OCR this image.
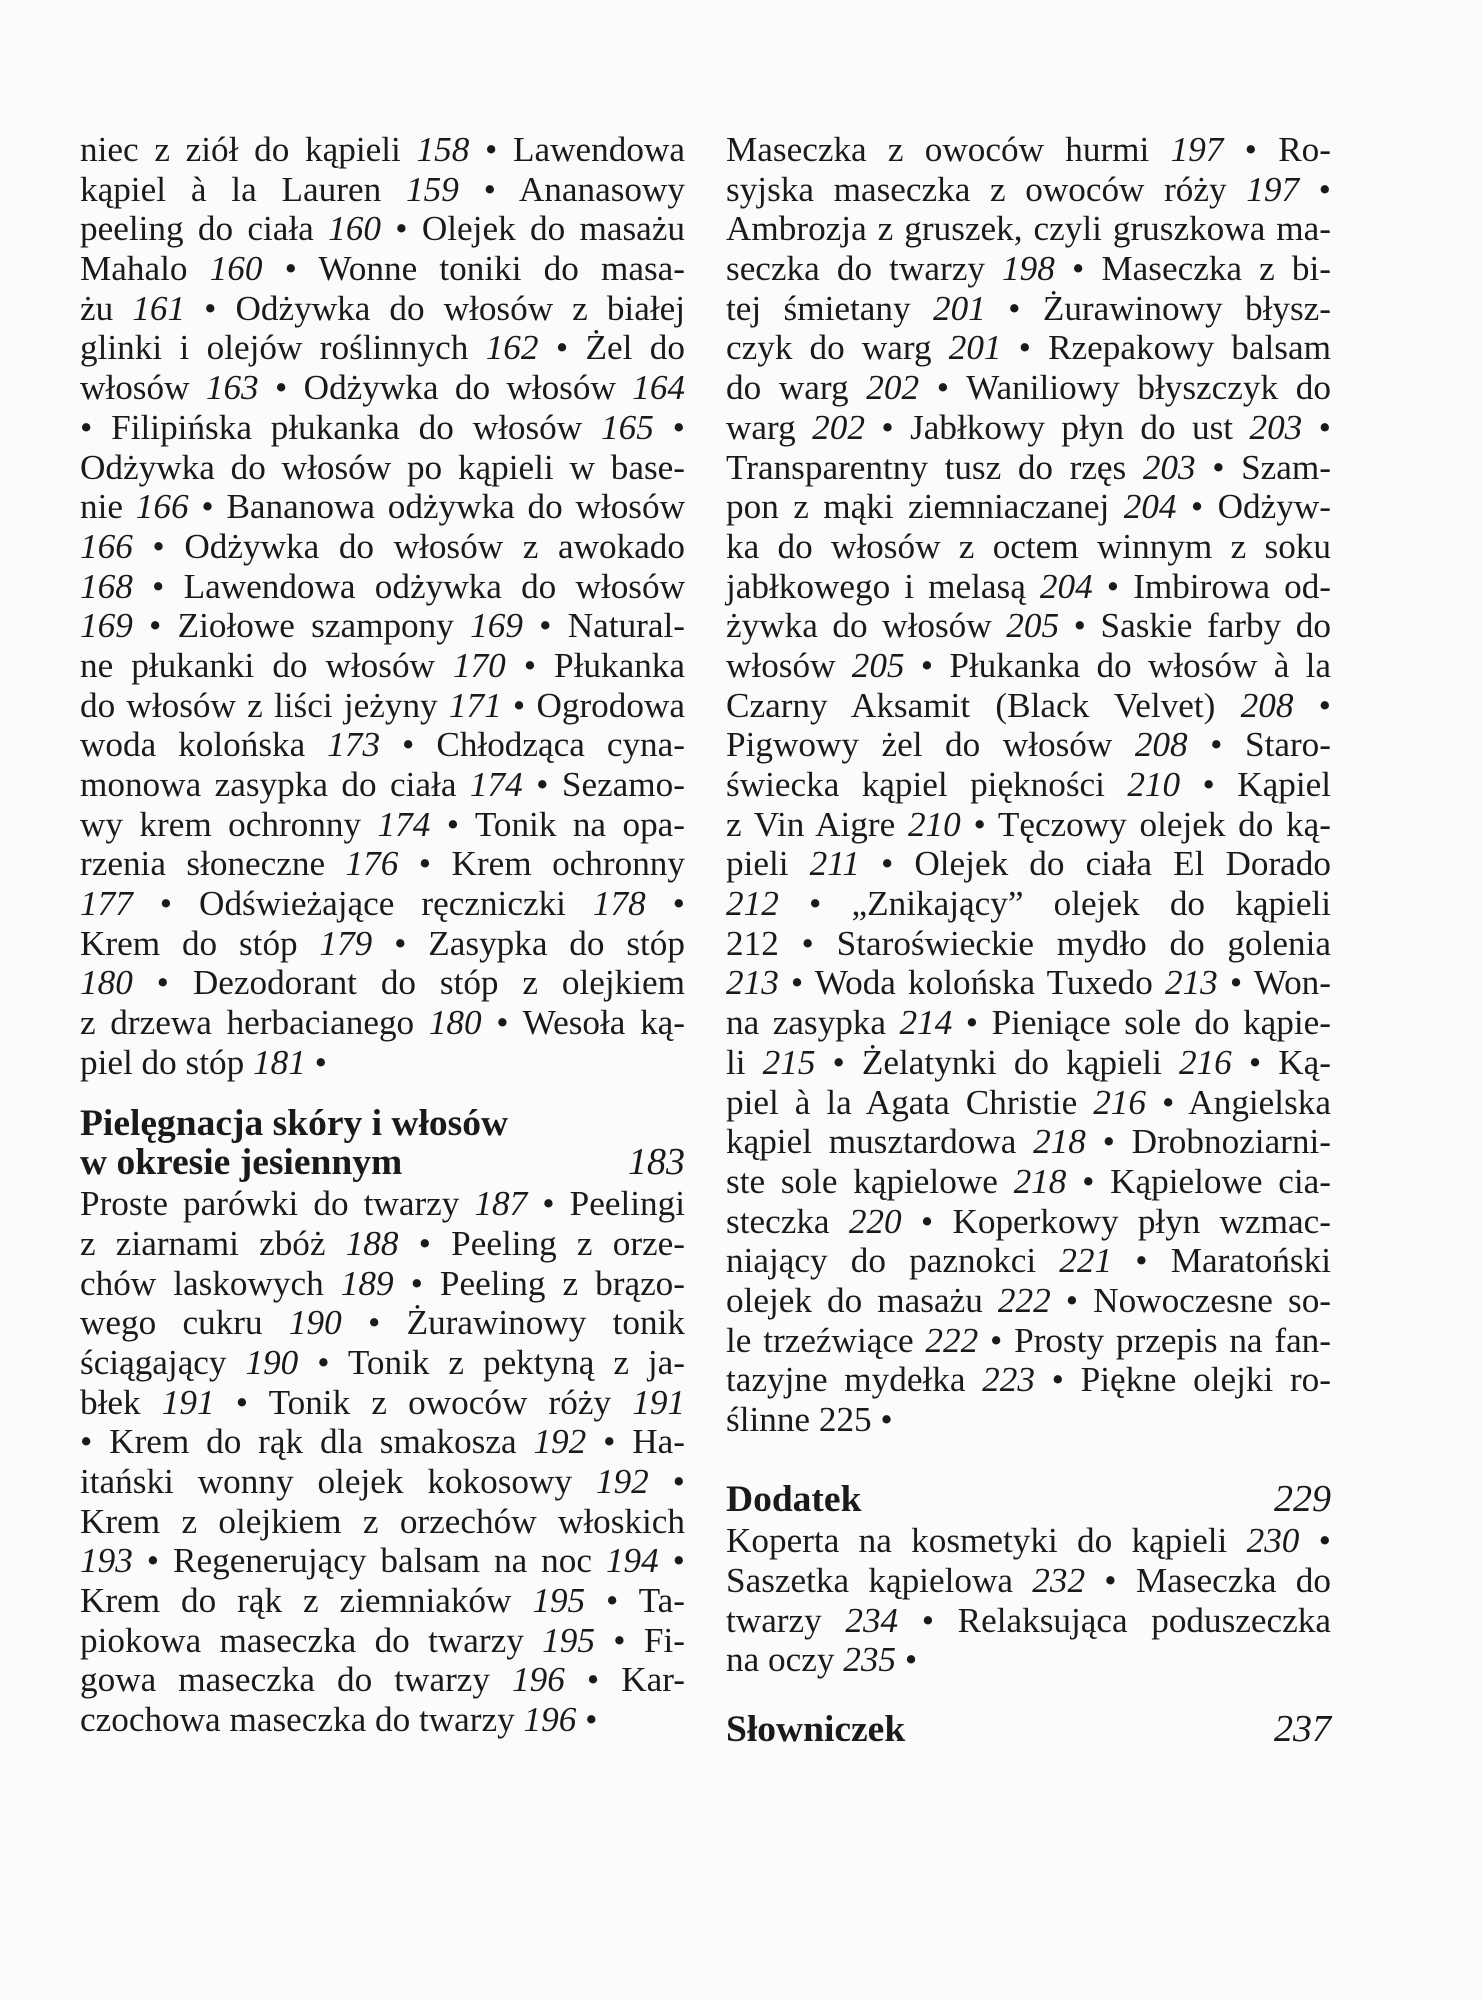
niec z ziół do kąpieli 158 • Lawendowa
kąpiel à la Lauren 159 • Ananasowy
peeling do ciała 160 • Olejek do masażu
Mahalo 160 • Wonne toniki do masa-
żu 161 • Odżywka do włosów z białej
glinki i olejów roślinnych 162 • Żel do
włosów 163 • Odżywka do włosów 164
• Filipińska płukanka do włosów 165 •
Odżywka do włosów po kąpieli w base-
nie 166 • Bananowa odżywka do włosów
166 • Odżywka do włosów z awokado
168 • Lawendowa odżywka do włosów
169 • Ziołowe szampony 169 • Natural-
ne płukanki do włosów 170 • Płukanka
do włosów z liści jeżyny 171 • Ogrodowa
woda kolońska 173 • Chłodząca cyna-
monowa zasypka do ciała 174 • Sezamo-
wy krem ochronny 174 • Tonik na opa-
rzenia słoneczne 176 • Krem ochronny
177 • Odświeżające ręczniczki 178 •
Krem do stóp 179 • Zasypka do stóp
180 • Dezodorant do stóp z olejkiem
z drzewa herbacianego 180 • Wesoła ką-
piel do stóp 181 •
Pielęgnacja skóry i włosów
w okresie jesiennym	183
Proste parówki do twarzy 187 • Peelingi
z ziarnami zbóż 188 • Peeling z orze-
chów laskowych 189 • Peeling z brązo-
wego cukru 190 • Żurawinowy tonik
ściągający 190 • Tonik z pektyną z ja-
błek 191 • Tonik z owoców róży 191
• Krem do rąk dla smakosza 192 • Ha-
itański wonny olejek kokosowy 192 •
Krem z olejkiem z orzechów włoskich
193 • Regenerujący balsam na noc 194 •
Krem do rąk z ziemniaków 195 • Ta-
piokowa maseczka do twarzy 195 • Fi-
gowa maseczka do twarzy 196 • Kar-
czochowa maseczka do twarzy 196 •
Maseczka z owoców hurmi 197 • Ro-
syjska maseczka z owoców róży 197 •
Ambrozja z gruszek, czyli gruszkowa ma-
seczka do twarzy 198 • Maseczka z bi-
tej śmietany 201 • Żurawinowy błysz-
czyk do warg 201 • Rzepakowy balsam
do warg 202 • Waniliowy błyszczyk do
warg 202 • Jabłkowy płyn do ust 203 •
Transparentny tusz do rzęs 203 • Szam-
pon z mąki ziemniaczanej 204 • Odżyw-
ka do włosów z octem winnym z soku
jabłkowego i melasą 204 • Imbirowa od-
żywka do włosów 205 • Saskie farby do
włosów 205 • Płukanka do włosów à la
Czarny Aksamit (Black Velvet) 208 •
Pigwowy żel do włosów 208 • Staro-
świecka kąpiel piękności 210 • Kąpiel
z Vin Aigre 210 • Tęczowy olejek do ką-
pieli 211 • Olejek do ciała El Dorado
212 • „Znikający” olejek do kąpieli
212 • Staroświeckie mydło do golenia
213 • Woda kolońska Tuxedo 213 • Won-
na zasypka 214 • Pieniące sole do kąpie-
li 215 • Żelatynki do kąpieli 216 • Ką-
piel à la Agata Christie 216 • Angielska
kąpiel musztardowa 218 • Drobnoziarni-
ste sole kąpielowe 218 • Kąpielowe cia-
steczka 220 • Koperkowy płyn wzmac-
niający do paznokci 221 • Maratoński
olejek do masażu 222 • Nowoczesne so-
le trzeźwiące 222 • Prosty przepis na fan-
tazyjne mydełka 223 • Piękne olejki ro-
ślinne 225 •
Dodatek	229
Koperta na kosmetyki do kąpieli 230 •
Saszetka kąpielowa 232 • Maseczka do
twarzy 234 • Relaksująca poduszeczka
na oczy 235 •
Słowniczek	237
